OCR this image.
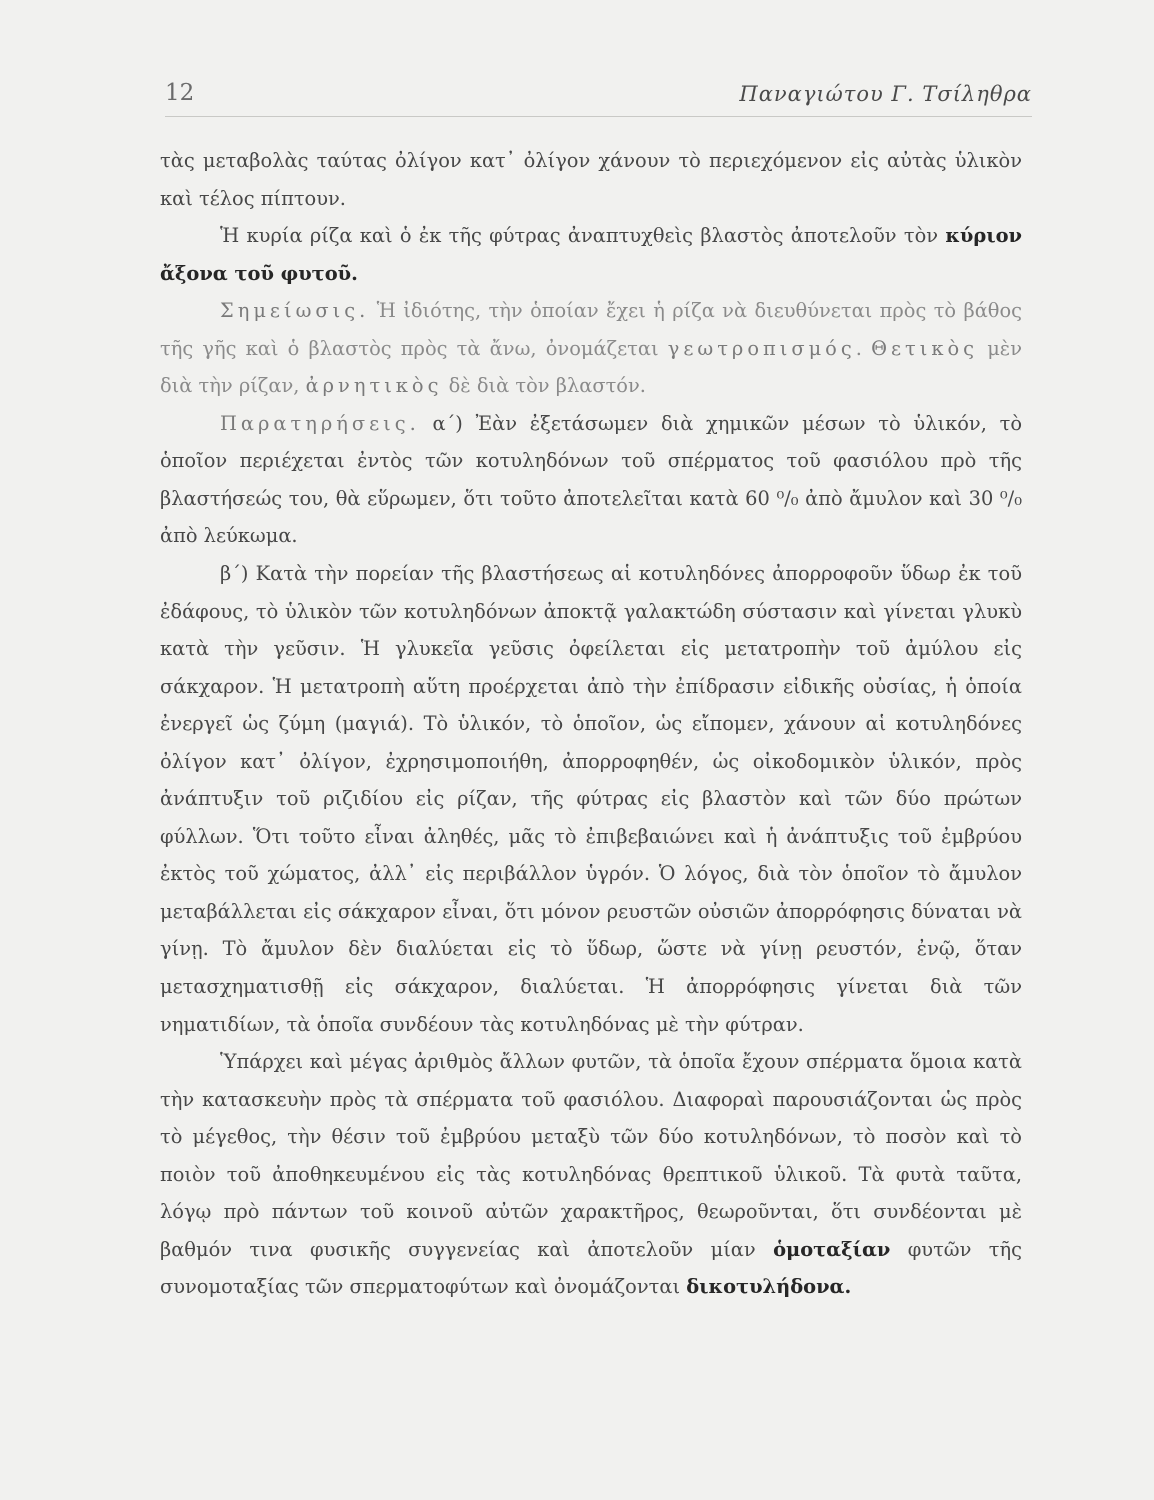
12	Παναγιώτου Γ. Τσίληθρα

τὰς μεταβολὰς ταύτας ὀλίγον κατ᾽ ὀλίγον χάνουν τὸ περιεχόμενον εἰς αὐτὰς ὑλικὸν καὶ τέλος πίπτουν.

Ἡ κυρία ρίζα καὶ ὁ ἐκ τῆς φύτρας ἀναπτυχθεὶς βλαστὸς ἀποτελοῦν τὸν κύριον ἄξονα τοῦ φυτοῦ.

Σημείωσις. Ἡ ἰδιότης, τὴν ὁποίαν ἔχει ἡ ρίζα νὰ διευθύνεται πρὸς τὸ βάθος τῆς γῆς καὶ ὁ βλαστὸς πρὸς τὰ ἄνω, ὀνομάζεται γεωτροπισμός. Θετικὸς μὲν διὰ τὴν ρίζαν, ἀρνητικὸς δὲ διὰ τὸν βλαστόν.

Παρατηρήσεις. α΄) Ἐὰν ἐξετάσωμεν διὰ χημικῶν μέσων τὸ ὑλικόν, τὸ ὁποῖον περιέχεται ἐντὸς τῶν κοτυληδόνων τοῦ σπέρματος τοῦ φασιόλου πρὸ τῆς βλαστήσεώς του, θὰ εὕρωμεν, ὅτι τοῦτο ἀποτελεῖται κατὰ 60 ⁰/₀ ἀπὸ ἄμυλον καὶ 30 ⁰/₀ ἀπὸ λεύκωμα.

β΄) Κατὰ τὴν πορείαν τῆς βλαστήσεως αἱ κοτυληδόνες ἀπορροφοῦν ὕδωρ ἐκ τοῦ ἐδάφους, τὸ ὑλικὸν τῶν κοτυληδόνων ἀποκτᾷ γαλακτώδη σύστασιν καὶ γίνεται γλυκὺ κατὰ τὴν γεῦσιν. Ἡ γλυκεῖα γεῦσις ὀφείλεται εἰς μετατροπὴν τοῦ ἀμύλου εἰς σάκχαρον. Ἡ μετατροπὴ αὕτη προέρχεται ἀπὸ τὴν ἐπίδρασιν εἰδικῆς οὐσίας, ἡ ὁποία ἐνεργεῖ ὡς ζύμη (μαγιά). Τὸ ὑλικόν, τὸ ὁποῖον, ὡς εἴπομεν, χάνουν αἱ κοτυληδόνες ὀλίγον κατ᾽ ὀλίγον, ἐχρησιμοποιήθη, ἀπορροφηθέν, ὡς οἰκοδομικὸν ὑλικόν, πρὸς ἀνάπτυξιν τοῦ ριζιδίου εἰς ρίζαν, τῆς φύτρας εἰς βλαστὸν καὶ τῶν δύο πρώτων φύλλων. Ὅτι τοῦτο εἶναι ἀληθές, μᾶς τὸ ἐπιβεβαιώνει καὶ ἡ ἀνάπτυξις τοῦ ἐμβρύου ἐκτὸς τοῦ χώματος, ἀλλ᾽ εἰς περιβάλλον ὑγρόν. Ὁ λόγος, διὰ τὸν ὁποῖον τὸ ἄμυλον μεταβάλλεται εἰς σάκχαρον εἶναι, ὅτι μόνον ρευστῶν οὐσιῶν ἀπορρόφησις δύναται νὰ γίνῃ. Τὸ ἄμυλον δὲν διαλύεται εἰς τὸ ὕδωρ, ὥστε νὰ γίνῃ ρευστόν, ἐνῷ, ὅταν μετασχηματισθῇ εἰς σάκχαρον, διαλύεται. Ἡ ἀπορρόφησις γίνεται διὰ τῶν νηματιδίων, τὰ ὁποῖα συνδέουν τὰς κοτυληδόνας μὲ τὴν φύτραν.

Ὑπάρχει καὶ μέγας ἀριθμὸς ἄλλων φυτῶν, τὰ ὁποῖα ἔχουν σπέρματα ὅμοια κατὰ τὴν κατασκευὴν πρὸς τὰ σπέρματα τοῦ φασιόλου. Διαφοραὶ παρουσιάζονται ὡς πρὸς τὸ μέγεθος, τὴν θέσιν τοῦ ἐμβρύου μεταξὺ τῶν δύο κοτυληδόνων, τὸ ποσὸν καὶ τὸ ποιὸν τοῦ ἀποθηκευμένου εἰς τὰς κοτυληδόνας θρεπτικοῦ ὑλικοῦ. Τὰ φυτὰ ταῦτα, λόγῳ πρὸ πάντων τοῦ κοινοῦ αὐτῶν χαρακτῆρος, θεωροῦνται, ὅτι συνδέονται μὲ βαθμόν τινα φυσικῆς συγγενείας καὶ ἀποτελοῦν μίαν ὁμοταξίαν φυτῶν τῆς συνομοταξίας τῶν σπερματοφύτων καὶ ὀνομάζονται δικοτυλήδονα.
